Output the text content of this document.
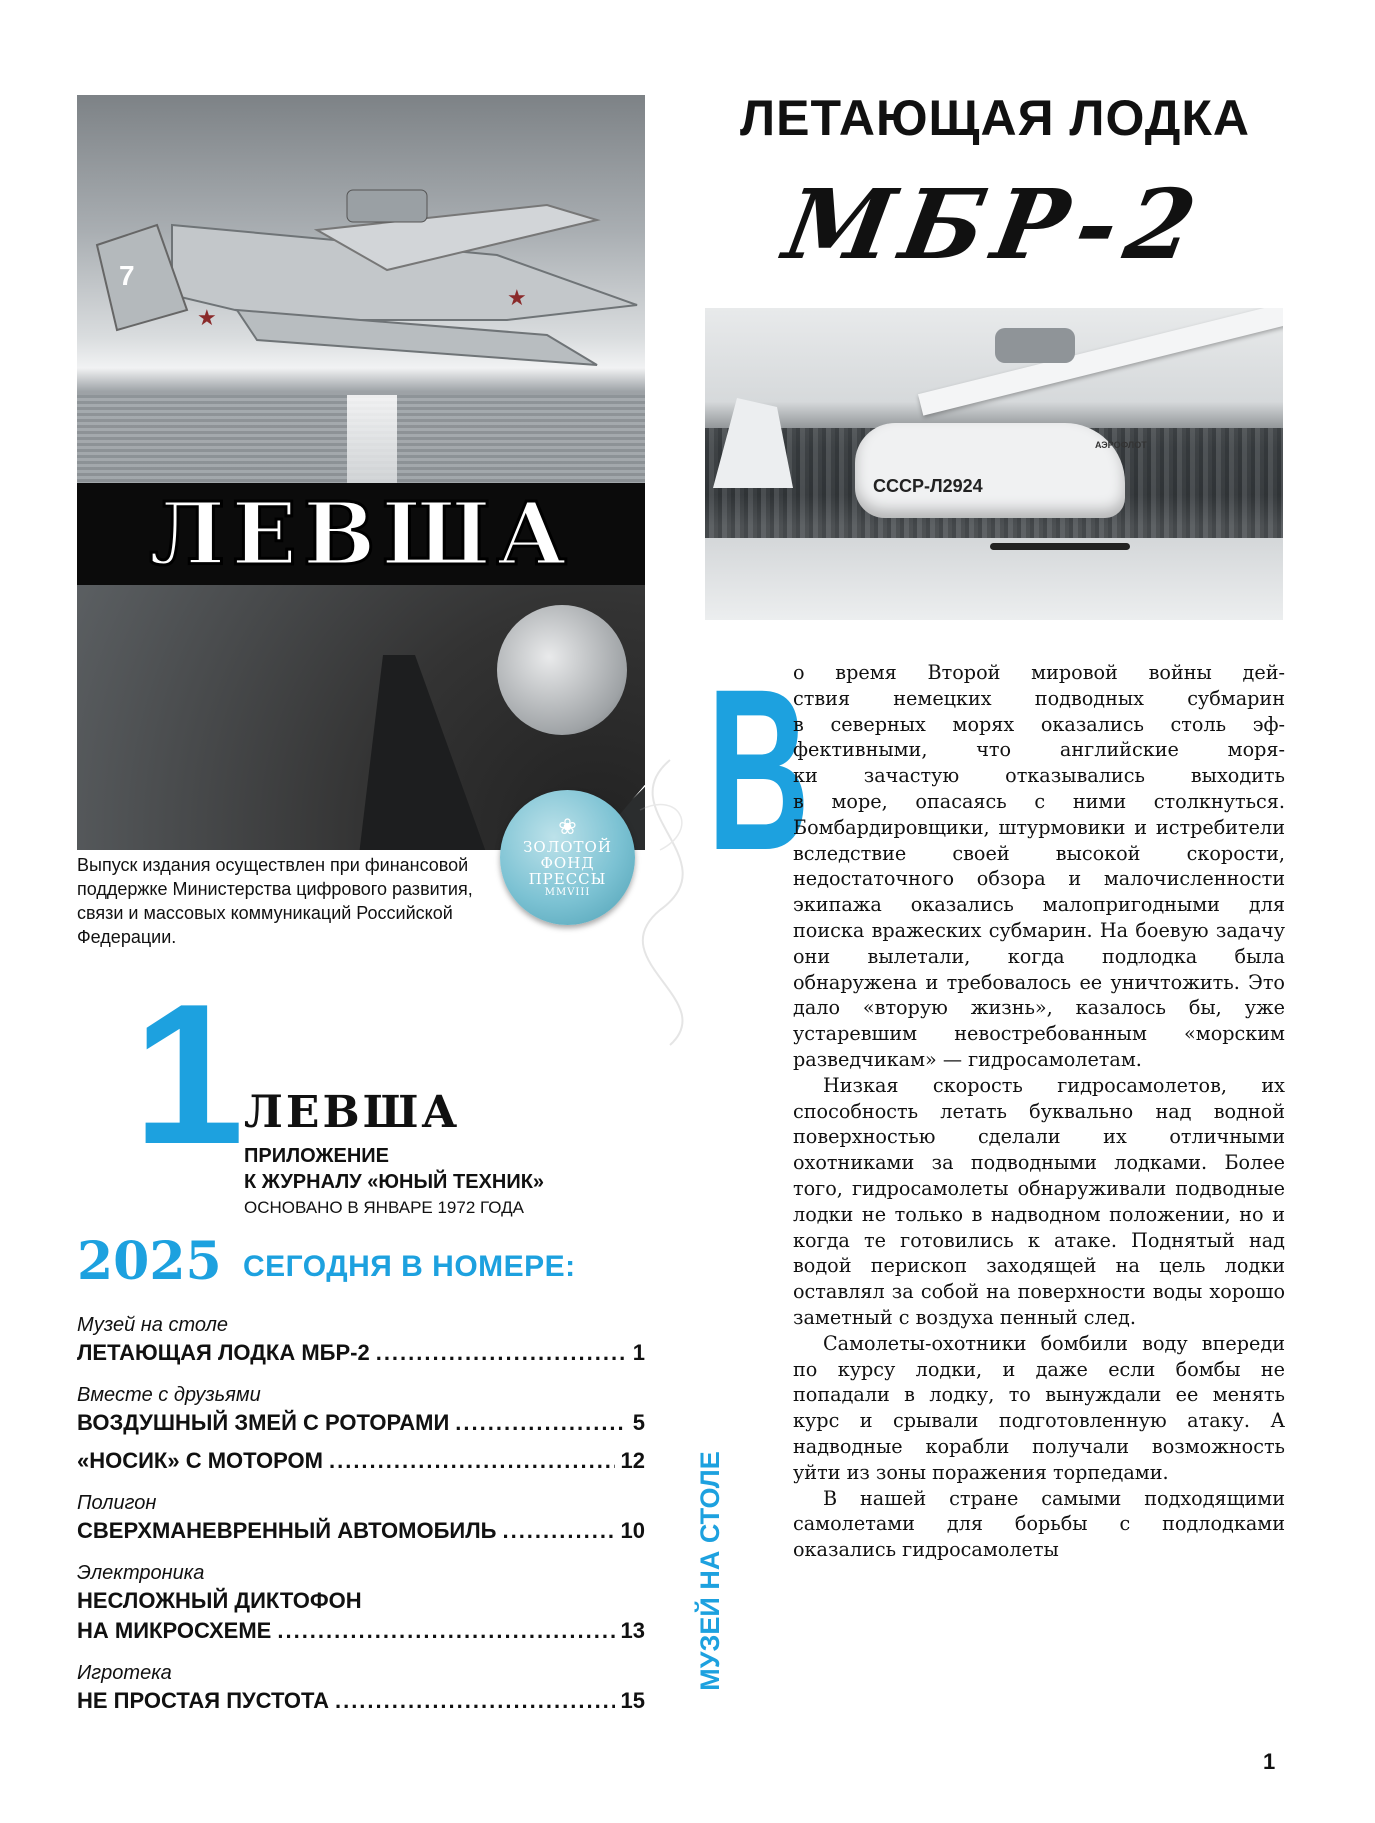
7
★
★
ЛЕВША
❀
ЗОЛОТОЙ
ФОНД
ПРЕССЫ
MMVIII
Выпуск издания осуществлен при финансовой поддержке Министерства цифрового развития, связи и массовых коммуникаций Российской Федерации.
1 ЛЕВША
ПРИЛОЖЕНИЕ
К ЖУРНАЛУ «ЮНЫЙ ТЕХНИК»
ОСНОВАНО В ЯНВАРЕ 1972 ГОДА
2025 СЕГОДНЯ В НОМЕРЕ:
Музей на столе
ЛЕТАЮЩАЯ ЛОДКА МБР-2 .....	1
Вместе с друзьями
ВОЗДУШНЫЙ ЗМЕЙ С РОТОРАМИ .....	5
«НОСИК» С МОТОРОМ .....	12
Полигон
СВЕРХМАНЕВРЕННЫЙ АВТОМОБИЛЬ .....	10
Электроника
НЕСЛОЖНЫЙ ДИКТОФОН
НА МИКРОСХЕМЕ .....	13
Игротека
НЕ ПРОСТАЯ ПУСТОТА .....	15
МУЗЕЙ НА СТОЛЕ
ЛЕТАЮЩАЯ ЛОДКА
МБР-2
СССР-Л2924
АЭРОФЛОТ
В
о время Второй мировой войны дей-
ствия немецких подводных субмарин
в северных морях оказались столь эф-
фективными, что английские моря-
ки зачастую отказывались выходить
в море, опасаясь с ними столкнуться.

Бомбардировщики, штурмовики и истребители вследствие своей высокой скорости, недостаточного обзора и малочисленности экипажа оказались малопригодными для поиска вражеских субмарин. На боевую задачу они вылетали, когда подлодка была обнаружена и требовалось ее уничтожить. Это дало «вторую жизнь», казалось бы, уже устаревшим невостребованным «морским разведчикам» — гидросамолетам.

Низкая скорость гидросамолетов, их способность летать буквально над водной поверхностью сделали их отличными охотниками за подводными лодками. Более того, гидросамолеты обнаруживали подводные лодки не только в надводном положении, но и когда те готовились к атаке. Поднятый над водой перископ заходящей на цель лодки оставлял за собой на поверхности воды хорошо заметный с воздуха пенный след.

Самолеты-охотники бомбили воду впереди по курсу лодки, и даже если бомбы не попадали в лодку, то вынуждали ее менять курс и срывали подготовленную атаку. А надводные корабли получали возможность уйти из зоны поражения торпедами.

В нашей стране самыми подходящими самолетами для борьбы с подлодками оказались гидросамолеты

1
